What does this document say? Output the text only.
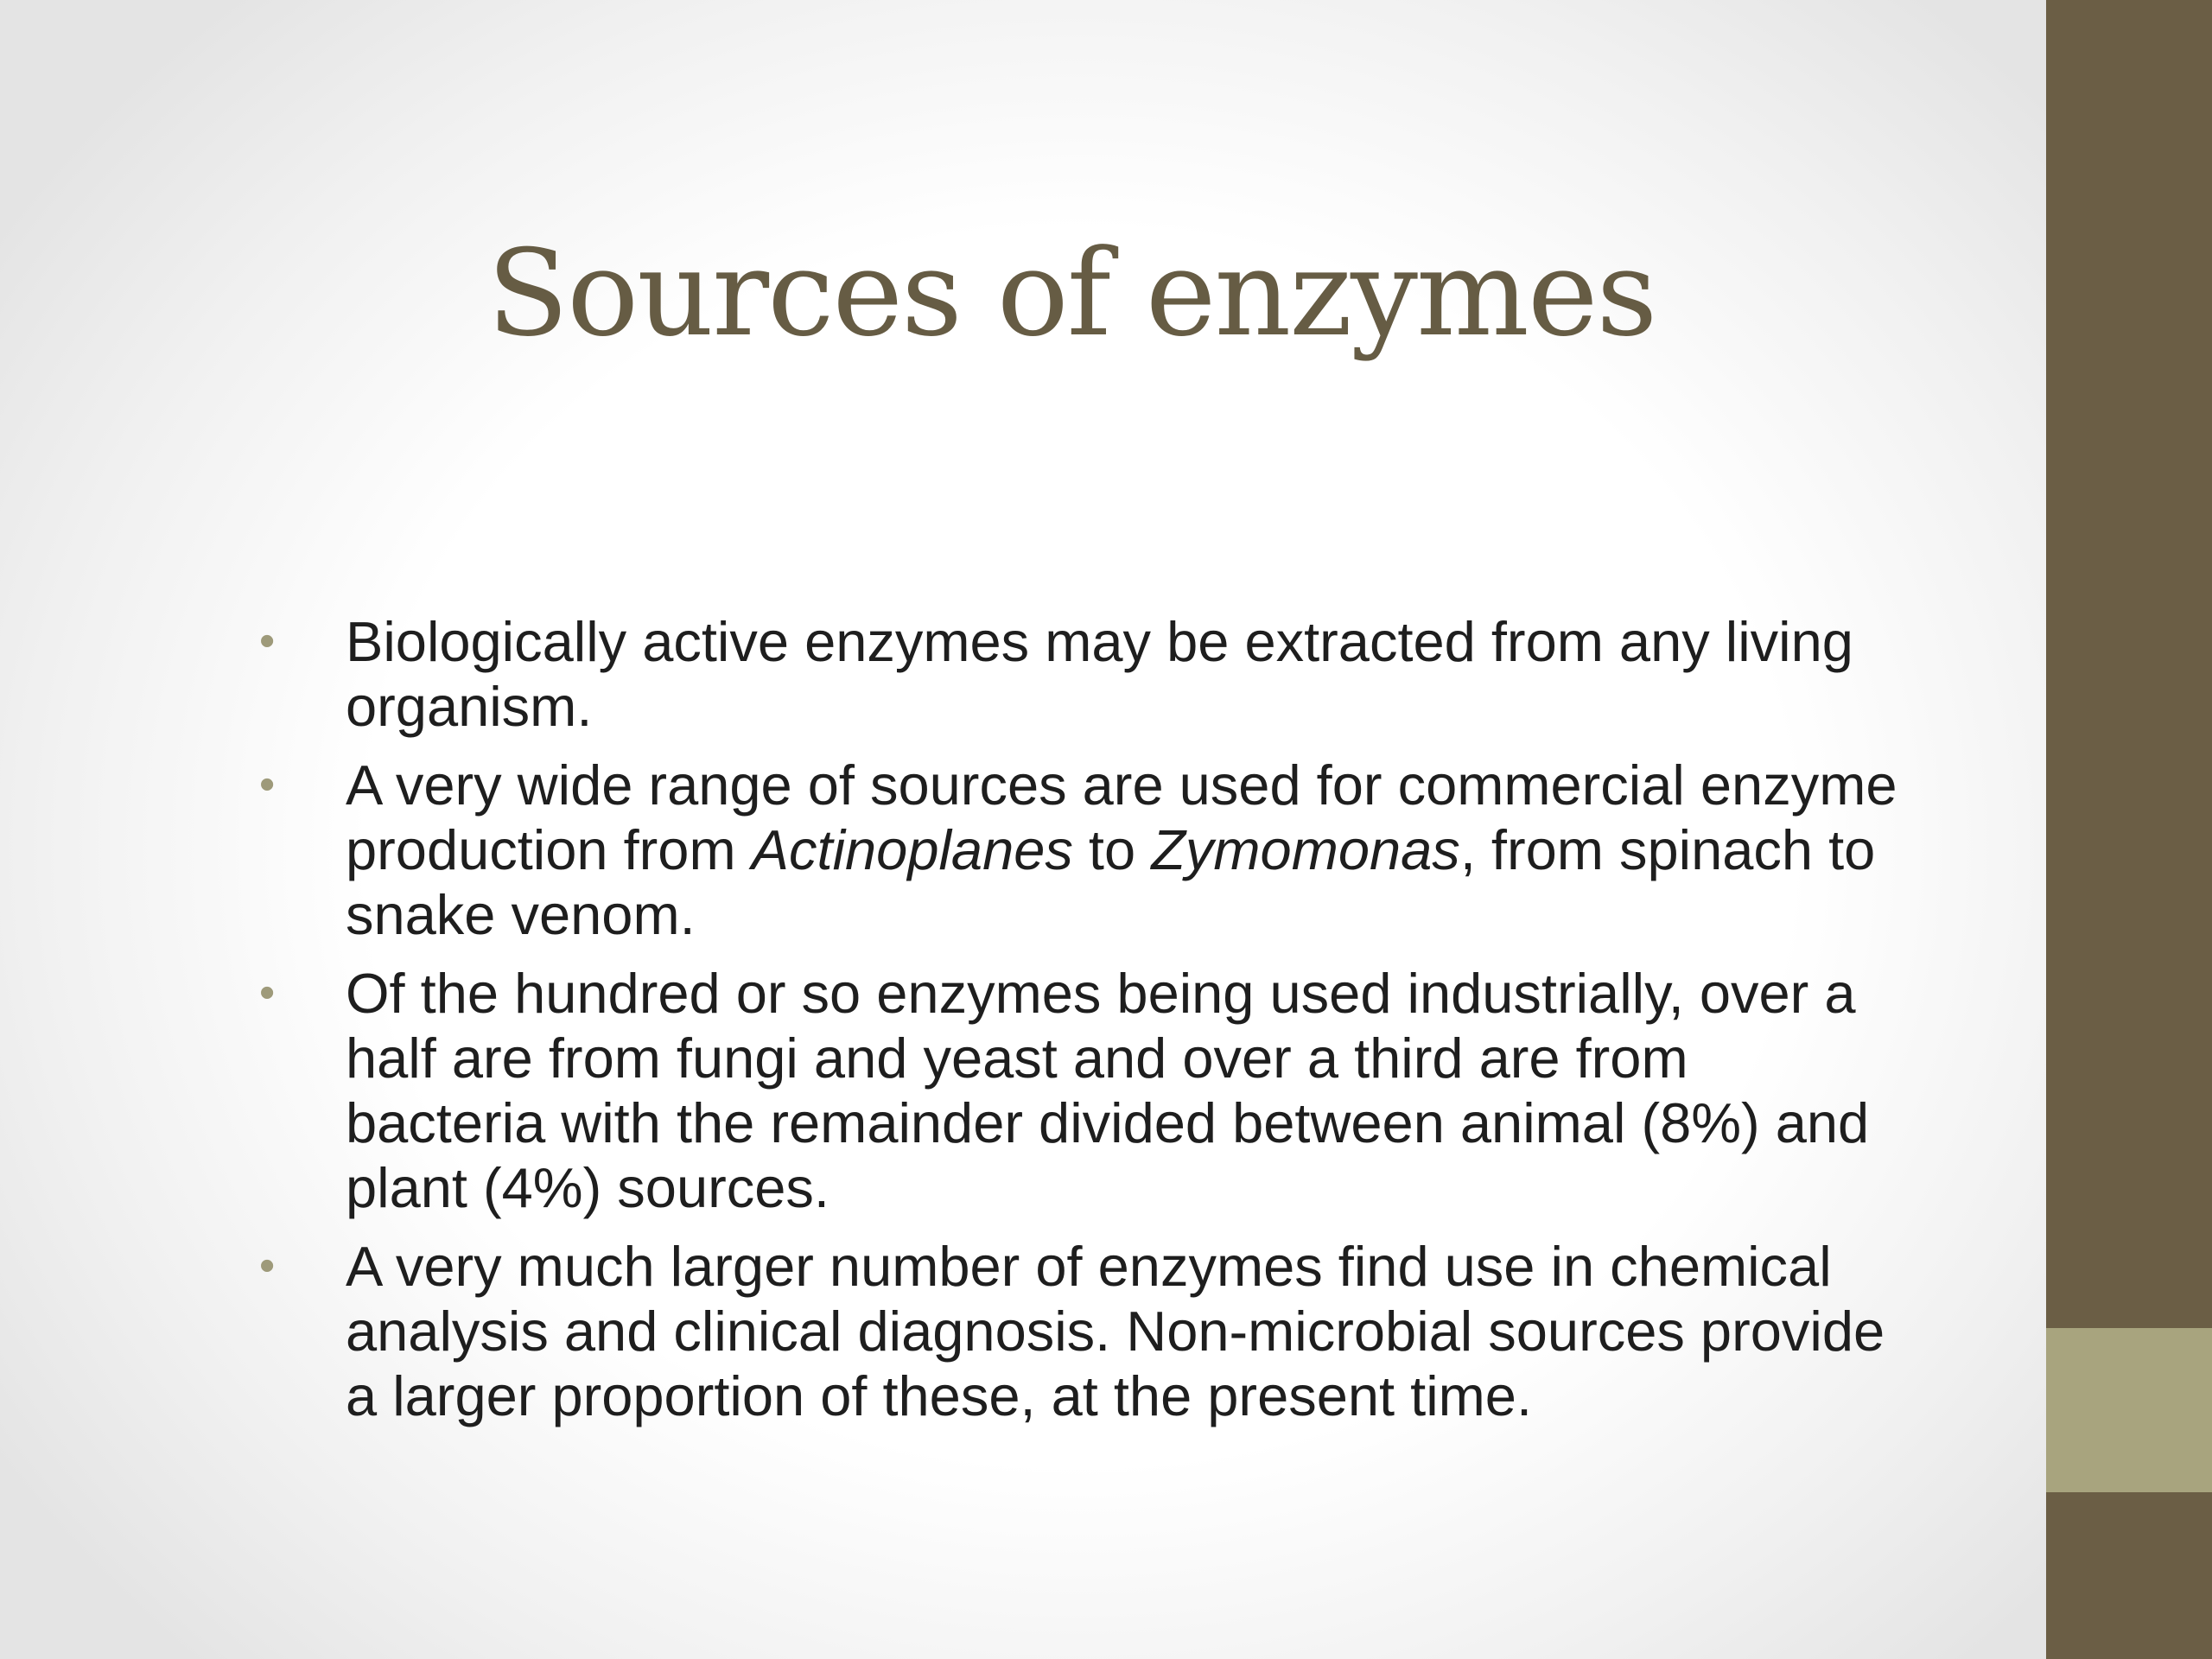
Sources of enzymes
•	Biologically active enzymes may be extracted from any living organism.
•	A very wide range of sources are used for commercial enzyme production from Actinoplanes to Zymomonas, from spinach to snake venom.
•	Of the hundred or so enzymes being used industrially, over a half are from fungi and yeast and over a third are from bacteria with the remainder divided between animal (8%) and plant (4%) sources.
•	A very much larger number of enzymes find use in chemical analysis and clinical diagnosis. Non-microbial sources provide a larger proportion of these, at the present time.
